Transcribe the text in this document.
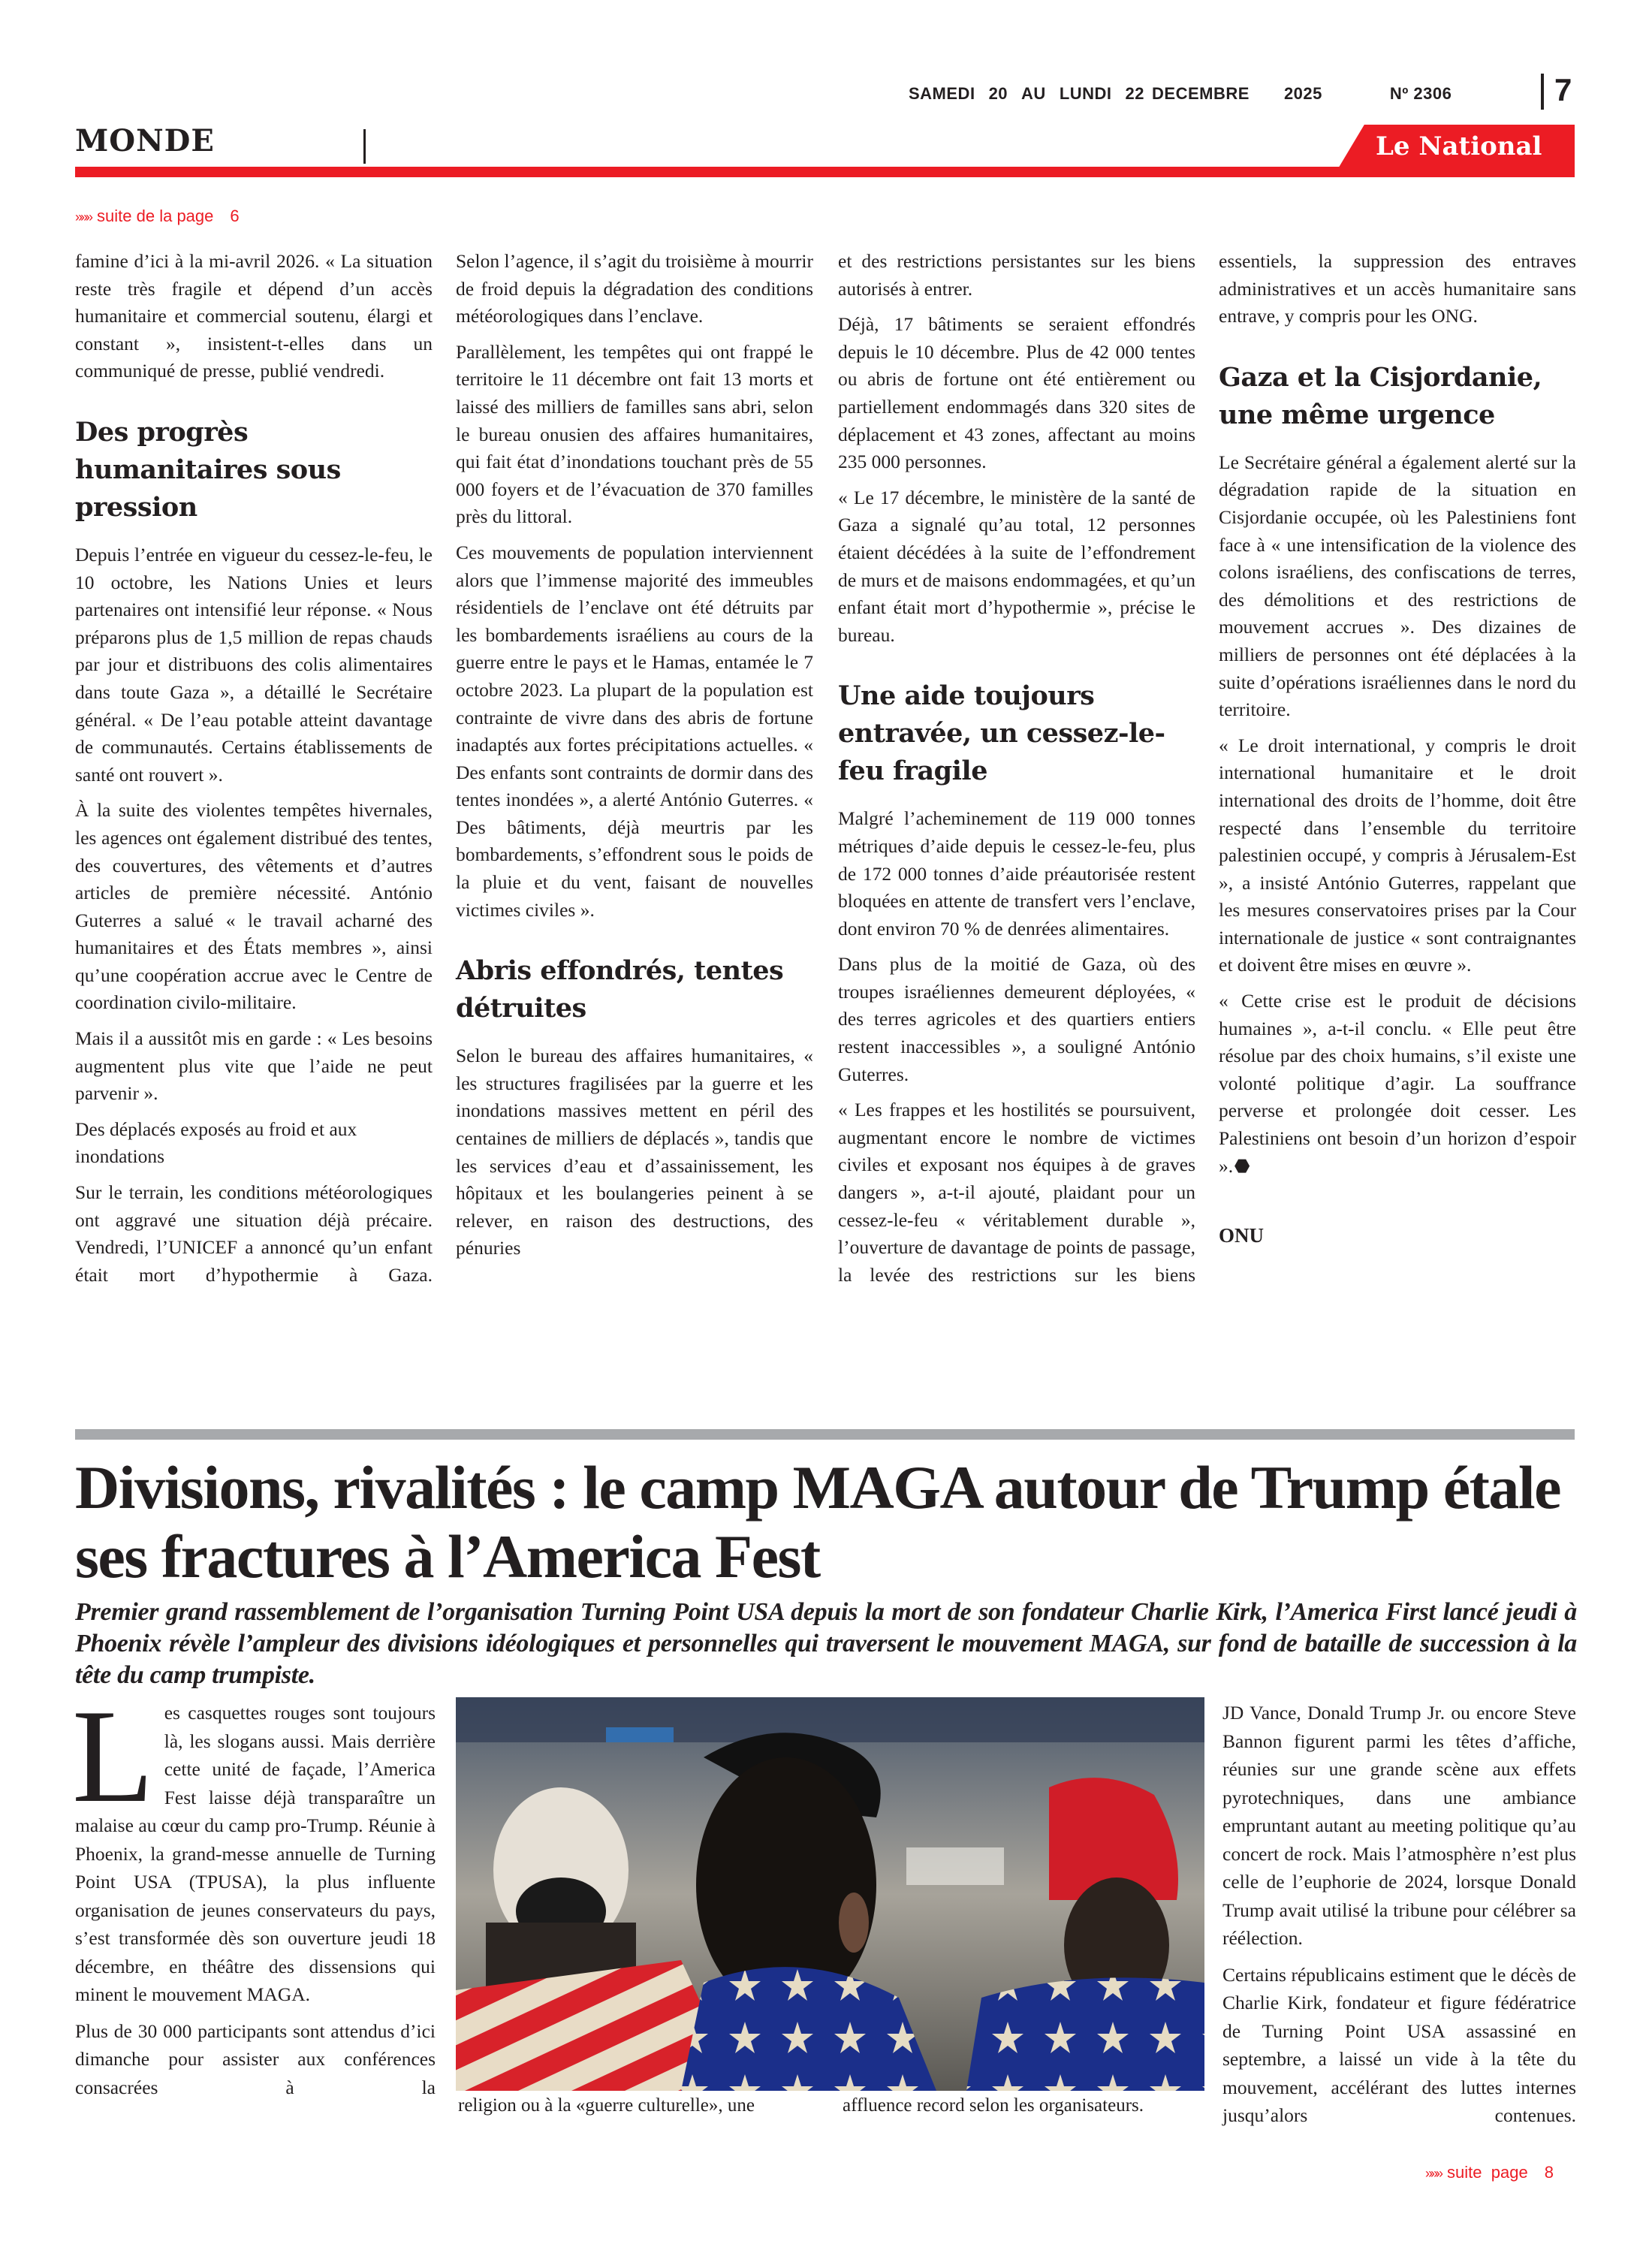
SAMEDI 20 AU LUNDI 22 DECEMBRE 2025	Nº 2306	7
MONDE	Le National
»»» suite de la page 6

famine d’ici à la mi-avril 2026. « La situation reste très fragile et dépend d’un accès humanitaire et commercial soutenu, élargi et constant », insistent-t-elles dans un communiqué de presse, publié vendredi.

Des progrès humanitaires sous pression

Depuis l’entrée en vigueur du cessez-le-feu, le 10 octobre, les Nations Unies et leurs partenaires ont intensifié leur réponse. « Nous préparons plus de 1,5 million de repas chauds par jour et distribuons des colis alimentaires dans toute Gaza », a détaillé le Secrétaire général. « De l’eau potable atteint davantage de communautés. Certains établissements de santé ont rouvert ».

À la suite des violentes tempêtes hivernales, les agences ont également distribué des tentes, des couvertures, des vêtements et d’autres articles de première nécessité. António Guterres a salué « le travail acharné des humanitaires et des États membres », ainsi qu’une coopération accrue avec le Centre de coordination civilo-militaire.

Mais il a aussitôt mis en garde : « Les besoins augmentent plus vite que l’aide ne peut parvenir ».

Des déplacés exposés au froid et aux inondations

Sur le terrain, les conditions météorologiques ont aggravé une situation déjà précaire. Vendredi, l’UNICEF a annoncé qu’un enfant était mort d’hypothermie à Gaza.

Selon l’agence, il s’agit du troisième à mourrir de froid depuis la dégradation des conditions météorologiques dans l’enclave.

Parallèlement, les tempêtes qui ont frappé le territoire le 11 décembre ont fait 13 morts et laissé des milliers de familles sans abri, selon le bureau onusien des affaires humanitaires, qui fait état d’inondations touchant près de 55 000 foyers et de l’évacuation de 370 familles près du littoral.

Ces mouvements de population interviennent alors que l’immense majorité des immeubles résidentiels de l’enclave ont été détruits par les bombardements israéliens au cours de la guerre entre le pays et le Hamas, entamée le 7 octobre 2023. La plupart de la population est contrainte de vivre dans des abris de fortune inadaptés aux fortes précipitations actuelles. « Des enfants sont contraints de dormir dans des tentes inondées », a alerté António Guterres. « Des bâtiments, déjà meurtris par les bombardements, s’effondrent sous le poids de la pluie et du vent, faisant de nouvelles victimes civiles ».

Abris effondrés, tentes détruites

Selon le bureau des affaires humanitaires, « les structures fragilisées par la guerre et les inondations massives mettent en péril des centaines de milliers de déplacés », tandis que les services d’eau et d’assainissement, les hôpitaux et les boulangeries peinent à se relever, en raison des destructions, des pénuries

et des restrictions persistantes sur les biens autorisés à entrer.

Déjà, 17 bâtiments se seraient effondrés depuis le 10 décembre. Plus de 42 000 tentes ou abris de fortune ont été entièrement ou partiellement endommagés dans 320 sites de déplacement et 43 zones, affectant au moins 235 000 personnes.

« Le 17 décembre, le ministère de la santé de Gaza a signalé qu’au total, 12 personnes étaient décédées à la suite de l’effondrement de murs et de maisons endommagées, et qu’un enfant était mort d’hypothermie », précise le bureau.

Une aide toujours entravée, un cessez-le-feu fragile

Malgré l’acheminement de 119 000 tonnes métriques d’aide depuis le cessez-le-feu, plus de 172 000 tonnes d’aide préautorisée restent bloquées en attente de transfert vers l’enclave, dont environ 70 % de denrées alimentaires.

Dans plus de la moitié de Gaza, où des troupes israéliennes demeurent déployées, « des terres agricoles et des quartiers entiers restent inaccessibles », a souligné António Guterres.

« Les frappes et les hostilités se poursuivent, augmentant encore le nombre de victimes civiles et exposant nos équipes à de graves dangers », a-t-il ajouté, plaidant pour un cessez-le-feu « véritablement durable », l’ouverture de davantage de points de passage, la levée des restrictions sur les biens

essentiels, la suppression des entraves administratives et un accès humanitaire sans entrave, y compris pour les ONG.

Gaza et la Cisjordanie, une même urgence

Le Secrétaire général a également alerté sur la dégradation rapide de la situation en Cisjordanie occupée, où les Palestiniens font face à « une intensification de la violence des colons israéliens, des confiscations de terres, des démolitions et des restrictions de mouvement accrues ». Des dizaines de milliers de personnes ont été déplacées à la suite d’opérations israéliennes dans le nord du territoire.

« Le droit international, y compris le droit international humanitaire et le droit international des droits de l’homme, doit être respecté dans l’ensemble du territoire palestinien occupé, y compris à Jérusalem-Est », a insisté António Guterres, rappelant que les mesures conservatoires prises par la Cour internationale de justice « sont contraignantes et doivent être mises en œuvre ».

« Cette crise est le produit de décisions humaines », a-t-il conclu. « Elle peut être résolue par des choix humains, s’il existe une volonté politique d’agir. La souffrance perverse et prolongée doit cesser. Les Palestiniens ont besoin d’un horizon d’espoir ».

ONU

Divisions, rivalités : le camp MAGA autour de Trump étale ses fractures à l’America Fest
Premier grand rassemblement de l’organisation Turning Point USA depuis la mort de son fondateur Charlie Kirk, l’America First lancé jeudi à Phoenix révèle l’ampleur des divisions idéologiques et personnelles qui traversent le mouvement MAGA, sur fond de bataille de succession à la tête du camp trumpiste.

Les casquettes rouges sont toujours là, les slogans aussi. Mais derrière cette unité de façade, l’America Fest laisse déjà transparaître un malaise au cœur du camp pro-Trump. Réunie à Phoenix, la grand-messe annuelle de Turning Point USA (TPUSA), la plus influente organisation de jeunes conservateurs du pays, s’est transformée dès son ouverture jeudi 18 décembre, en théâtre des dissensions qui minent le mouvement MAGA.

Plus de 30 000 participants sont attendus d’ici dimanche pour assister aux conférences consacrées à la

religion ou à la «guerre culturelle», une	affluence record selon les organisateurs.

JD Vance, Donald Trump Jr. ou encore Steve Bannon figurent parmi les têtes d’affiche, réunies sur une grande scène aux effets pyrotechniques, dans une ambiance empruntant autant au meeting politique qu’au concert de rock. Mais l’atmosphère n’est plus celle de l’euphorie de 2024, lorsque Donald Trump avait utilisé la tribune pour célébrer sa réélection.

Certains républicains estiment que le décès de Charlie Kirk, fondateur et figure fédératrice de Turning Point USA assassiné en septembre, a laissé un vide à la tête du mouvement, accélérant des luttes internes jusqu’alors contenues.

»»» suite  page 8
